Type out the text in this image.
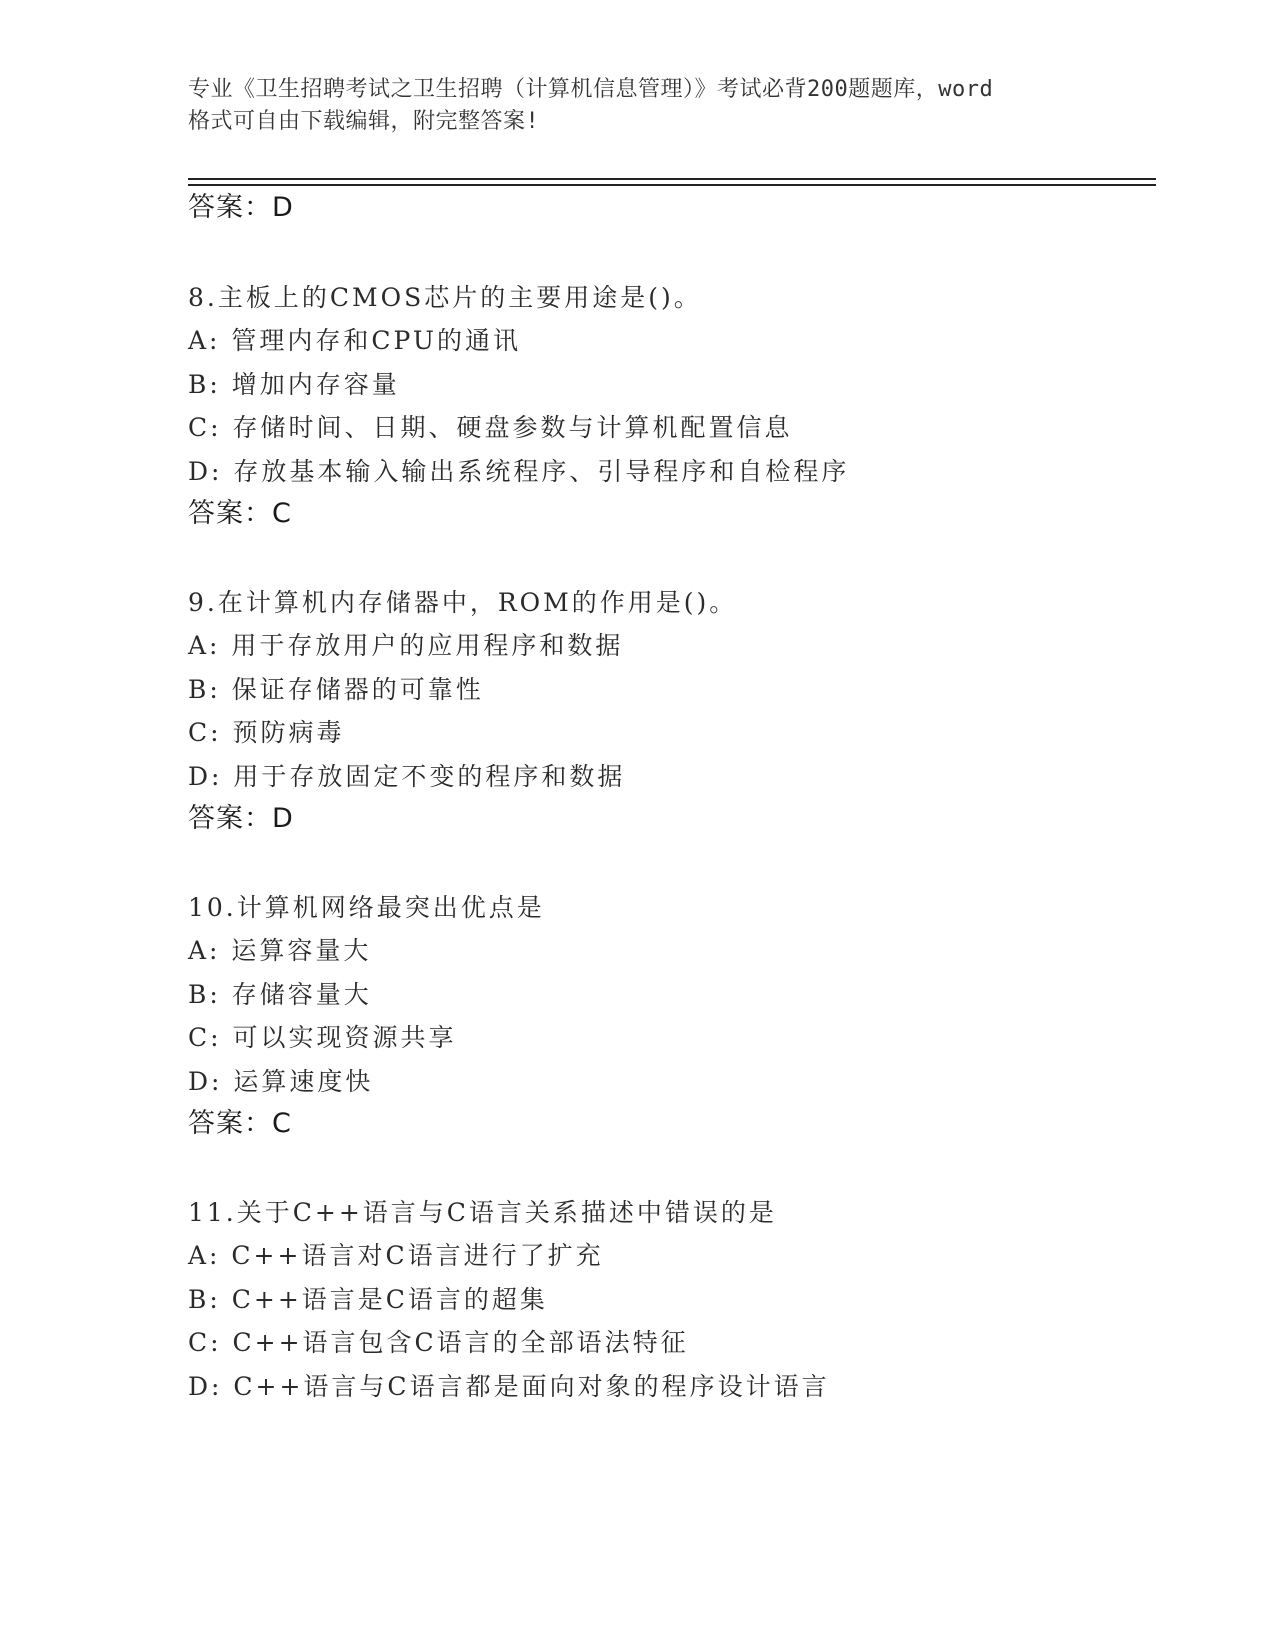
专业《卫生招聘考试之卫生招聘（计算机信息管理）》考试必背200题题库，word
格式可自由下载编辑，附完整答案!
答案：D
8.主板上的CMOS芯片的主要用途是()。
A: 管理内存和CPU的通讯
B: 增加内存容量
C: 存储时间、日期、硬盘参数与计算机配置信息
D: 存放基本输入输出系统程序、引导程序和自检程序
答案：C
9.在计算机内存储器中，ROM的作用是()。
A: 用于存放用户的应用程序和数据
B: 保证存储器的可靠性
C: 预防病毒
D: 用于存放固定不变的程序和数据
答案：D
10.计算机网络最突出优点是
A: 运算容量大
B: 存储容量大
C: 可以实现资源共享
D: 运算速度快
答案：C
11.关于C++语言与C语言关系描述中错误的是
A: C++语言对C语言进行了扩充
B: C++语言是C语言的超集
C: C++语言包含C语言的全部语法特征
D: C++语言与C语言都是面向对象的程序设计语言
